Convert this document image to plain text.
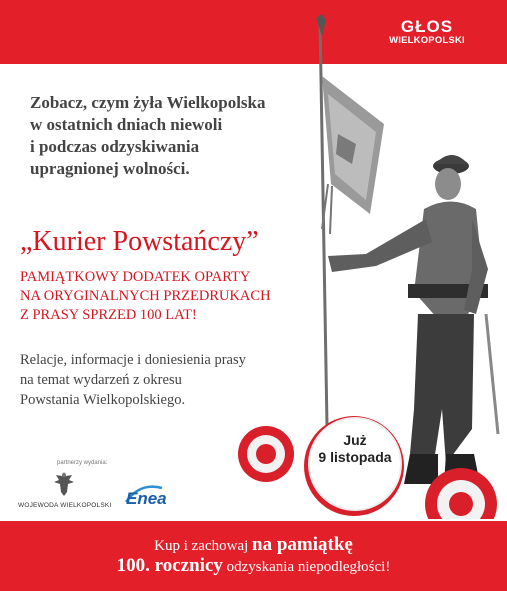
GŁOS
WIELKOPOLSKI
Już
9 listopada

Zobacz, czym żyła Wielkopolska
w ostatnich dniach niewoli
i podczas odzyskiwania
upragnionej wolności.

„Kurier Powstańczy”

PAMIĄTKOWY DODATEK OPARTY
NA ORYGINALNYCH PRZEDRUKACH
Z PRASY SPRZED 100 LAT!

Relacje, informacje i doniesienia prasy
na temat wydarzeń z okresu
Powstania Wielkopolskiego.

partnerzy wydania:
WOJEWODA WIELKOPOLSKI Enea
Kup i zachowaj na pamiątkę
100. rocznicy odzyskania niepodległości!
